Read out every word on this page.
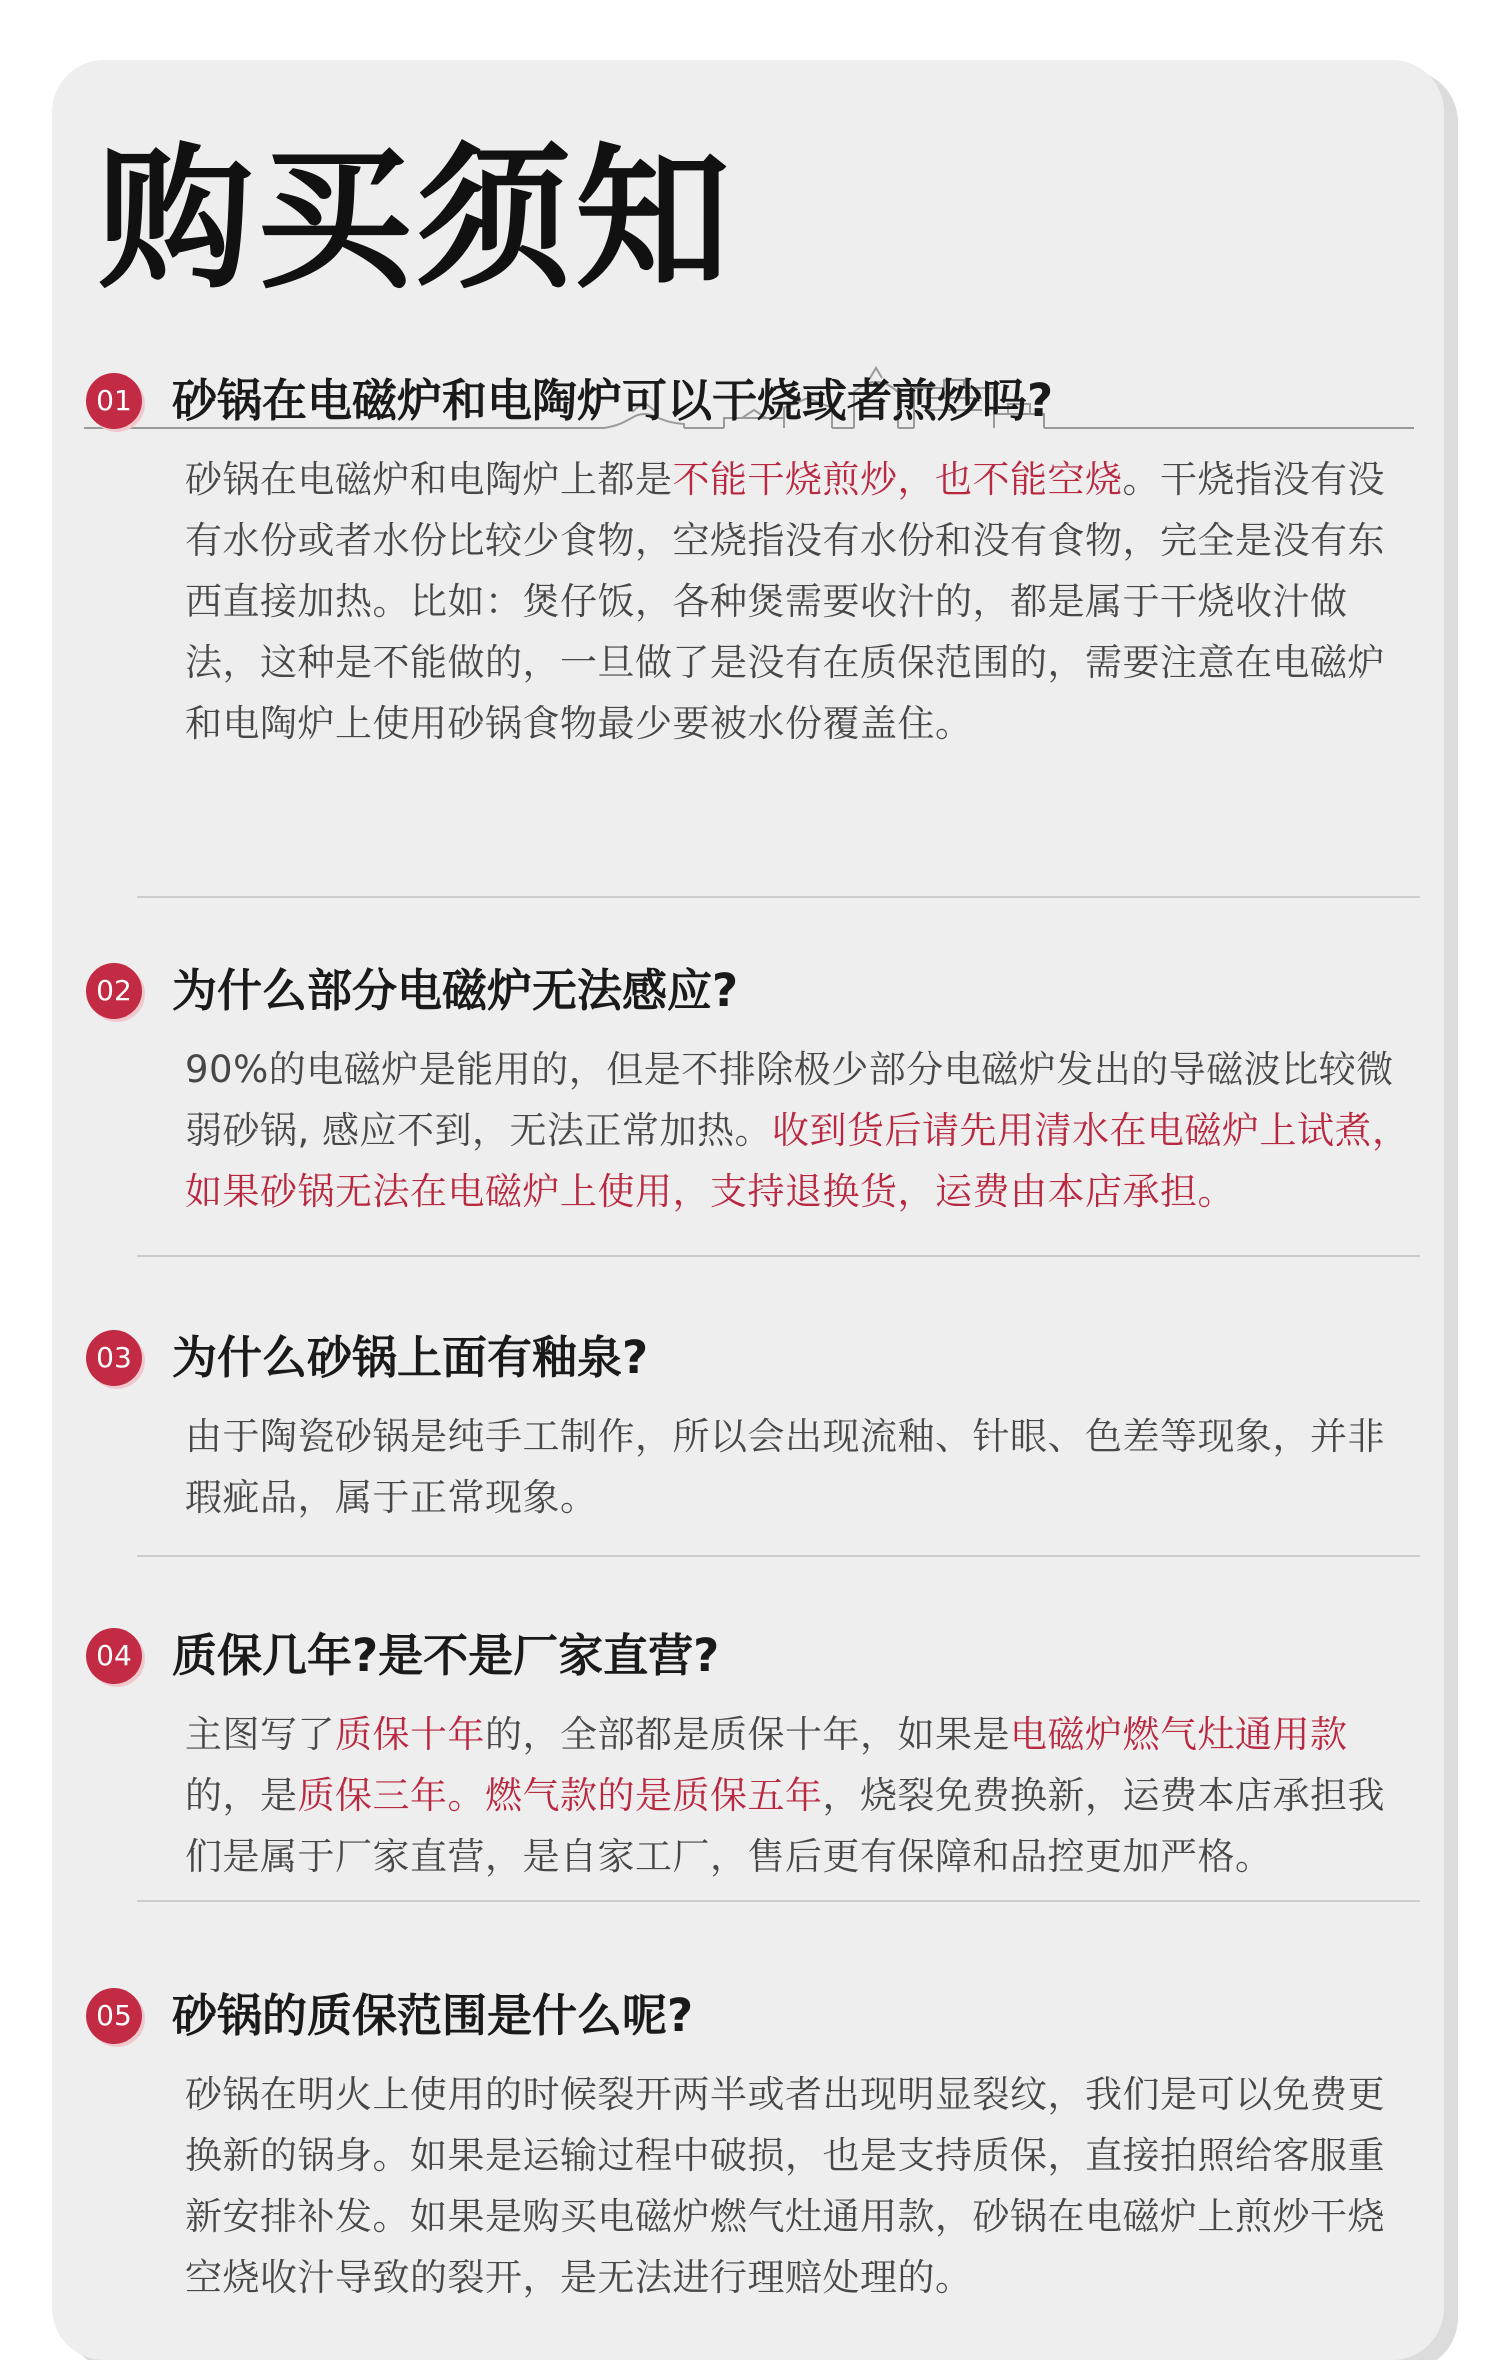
购买须知
01 砂锅在电磁炉和电陶炉可以干烧或者煎炒吗?

砂锅在电磁炉和电陶炉上都是不能干烧煎炒，也不能空烧。干烧指没有没有水份或者水份比较少食物，空烧指没有水份和没有食物，完全是没有东西直接加热。比如：煲仔饭，各种煲需要收汁的，都是属于干烧收汁做法，这种是不能做的，一旦做了是没有在质保范围的，需要注意在电磁炉和电陶炉上使用砂锅食物最少要被水份覆盖住。

02 为什么部分电磁炉无法感应?

90%的电磁炉是能用的，但是不排除极少部分电磁炉发出的导磁波比较微弱砂锅, 感应不到，无法正常加热。收到货后请先用清水在电磁炉上试煮，如果砂锅无法在电磁炉上使用，支持退换货，运费由本店承担。

03 为什么砂锅上面有釉泉?

由于陶瓷砂锅是纯手工制作，所以会出现流釉、针眼、色差等现象，并非瑕疵品，属于正常现象。

04 质保几年?是不是厂家直营?

主图写了质保十年的，全部都是质保十年，如果是电磁炉燃气灶通用款的，是质保三年。燃气款的是质保五年，烧裂免费换新，运费本店承担我们是属于厂家直营，是自家工厂，售后更有保障和品控更加严格。

05 砂锅的质保范围是什么呢?

砂锅在明火上使用的时候裂开两半或者出现明显裂纹，我们是可以免费更换新的锅身。如果是运输过程中破损，也是支持质保，直接拍照给客服重新安排补发。如果是购买电磁炉燃气灶通用款，砂锅在电磁炉上煎炒干烧空烧收汁导致的裂开，是无法进行理赔处理的。
